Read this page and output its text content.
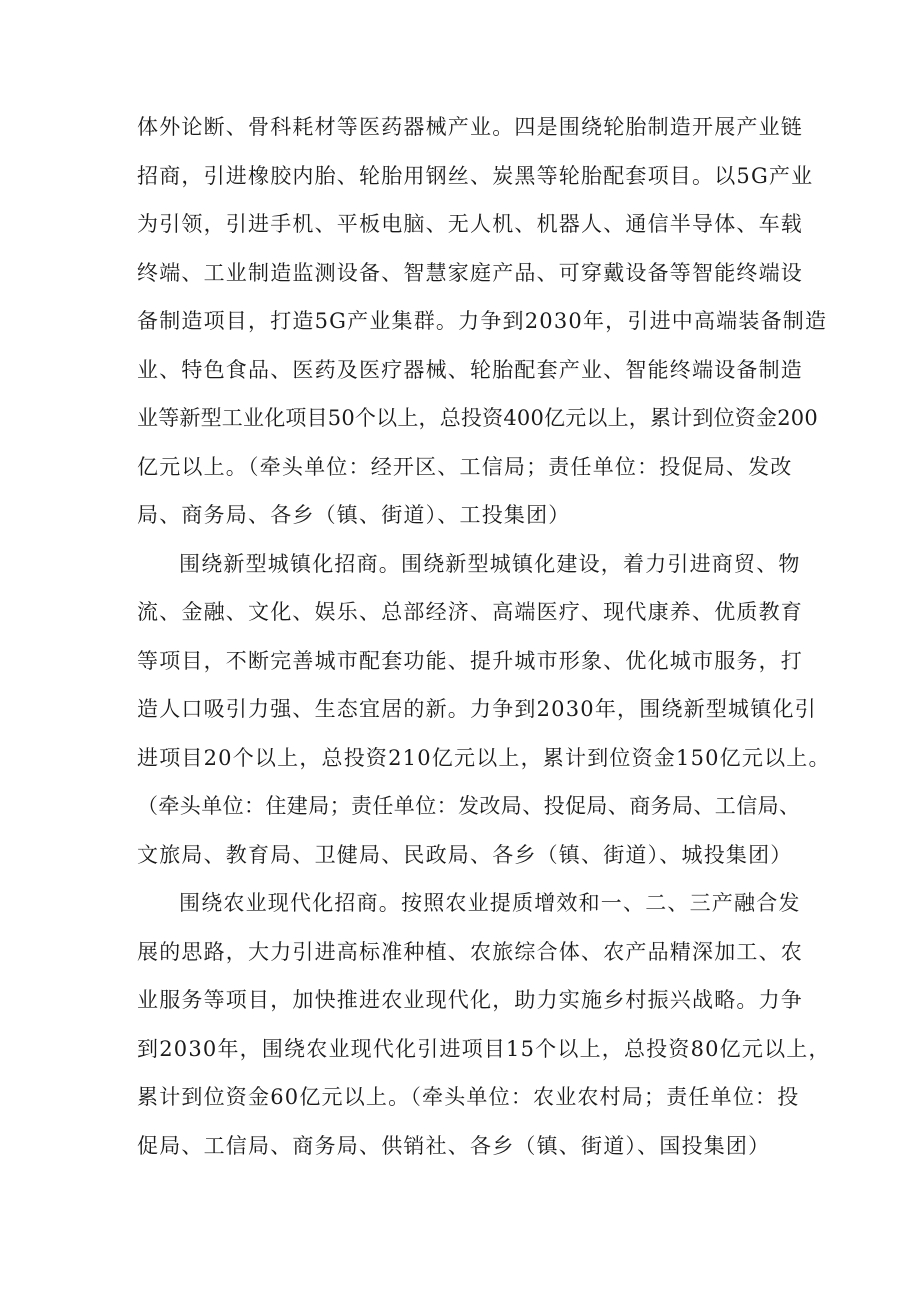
体外论断、骨科耗材等医药器械产业。四是围绕轮胎制造开展产业链
招商，引进橡胶内胎、轮胎用钢丝、炭黑等轮胎配套项目。以5G产业
为引领，引进手机、平板电脑、无人机、机器人、通信半导体、车载
终端、工业制造监测设备、智慧家庭产品、可穿戴设备等智能终端设
备制造项目，打造5G产业集群。力争到2030年，引进中高端装备制造
业、特色食品、医药及医疗器械、轮胎配套产业、智能终端设备制造
业等新型工业化项目50个以上，总投资400亿元以上，累计到位资金200
亿元以上。（牵头单位：经开区、工信局；责任单位：投促局、发改
局、商务局、各乡（镇、街道）、工投集团）
围绕新型城镇化招商。围绕新型城镇化建设，着力引进商贸、物
流、金融、文化、娱乐、总部经济、高端医疗、现代康养、优质教育
等项目，不断完善城市配套功能、提升城市形象、优化城市服务，打
造人口吸引力强、生态宜居的新。力争到2030年，围绕新型城镇化引
进项目20个以上，总投资210亿元以上，累计到位资金150亿元以上。
（牵头单位：住建局；责任单位：发改局、投促局、商务局、工信局、
文旅局、教育局、卫健局、民政局、各乡（镇、街道）、城投集团）
围绕农业现代化招商。按照农业提质增效和一、二、三产融合发
展的思路，大力引进高标准种植、农旅综合体、农产品精深加工、农
业服务等项目，加快推进农业现代化，助力实施乡村振兴战略。力争
到2030年，围绕农业现代化引进项目15个以上，总投资80亿元以上，
累计到位资金60亿元以上。（牵头单位：农业农村局；责任单位：投
促局、工信局、商务局、供销社、各乡（镇、街道）、国投集团）
